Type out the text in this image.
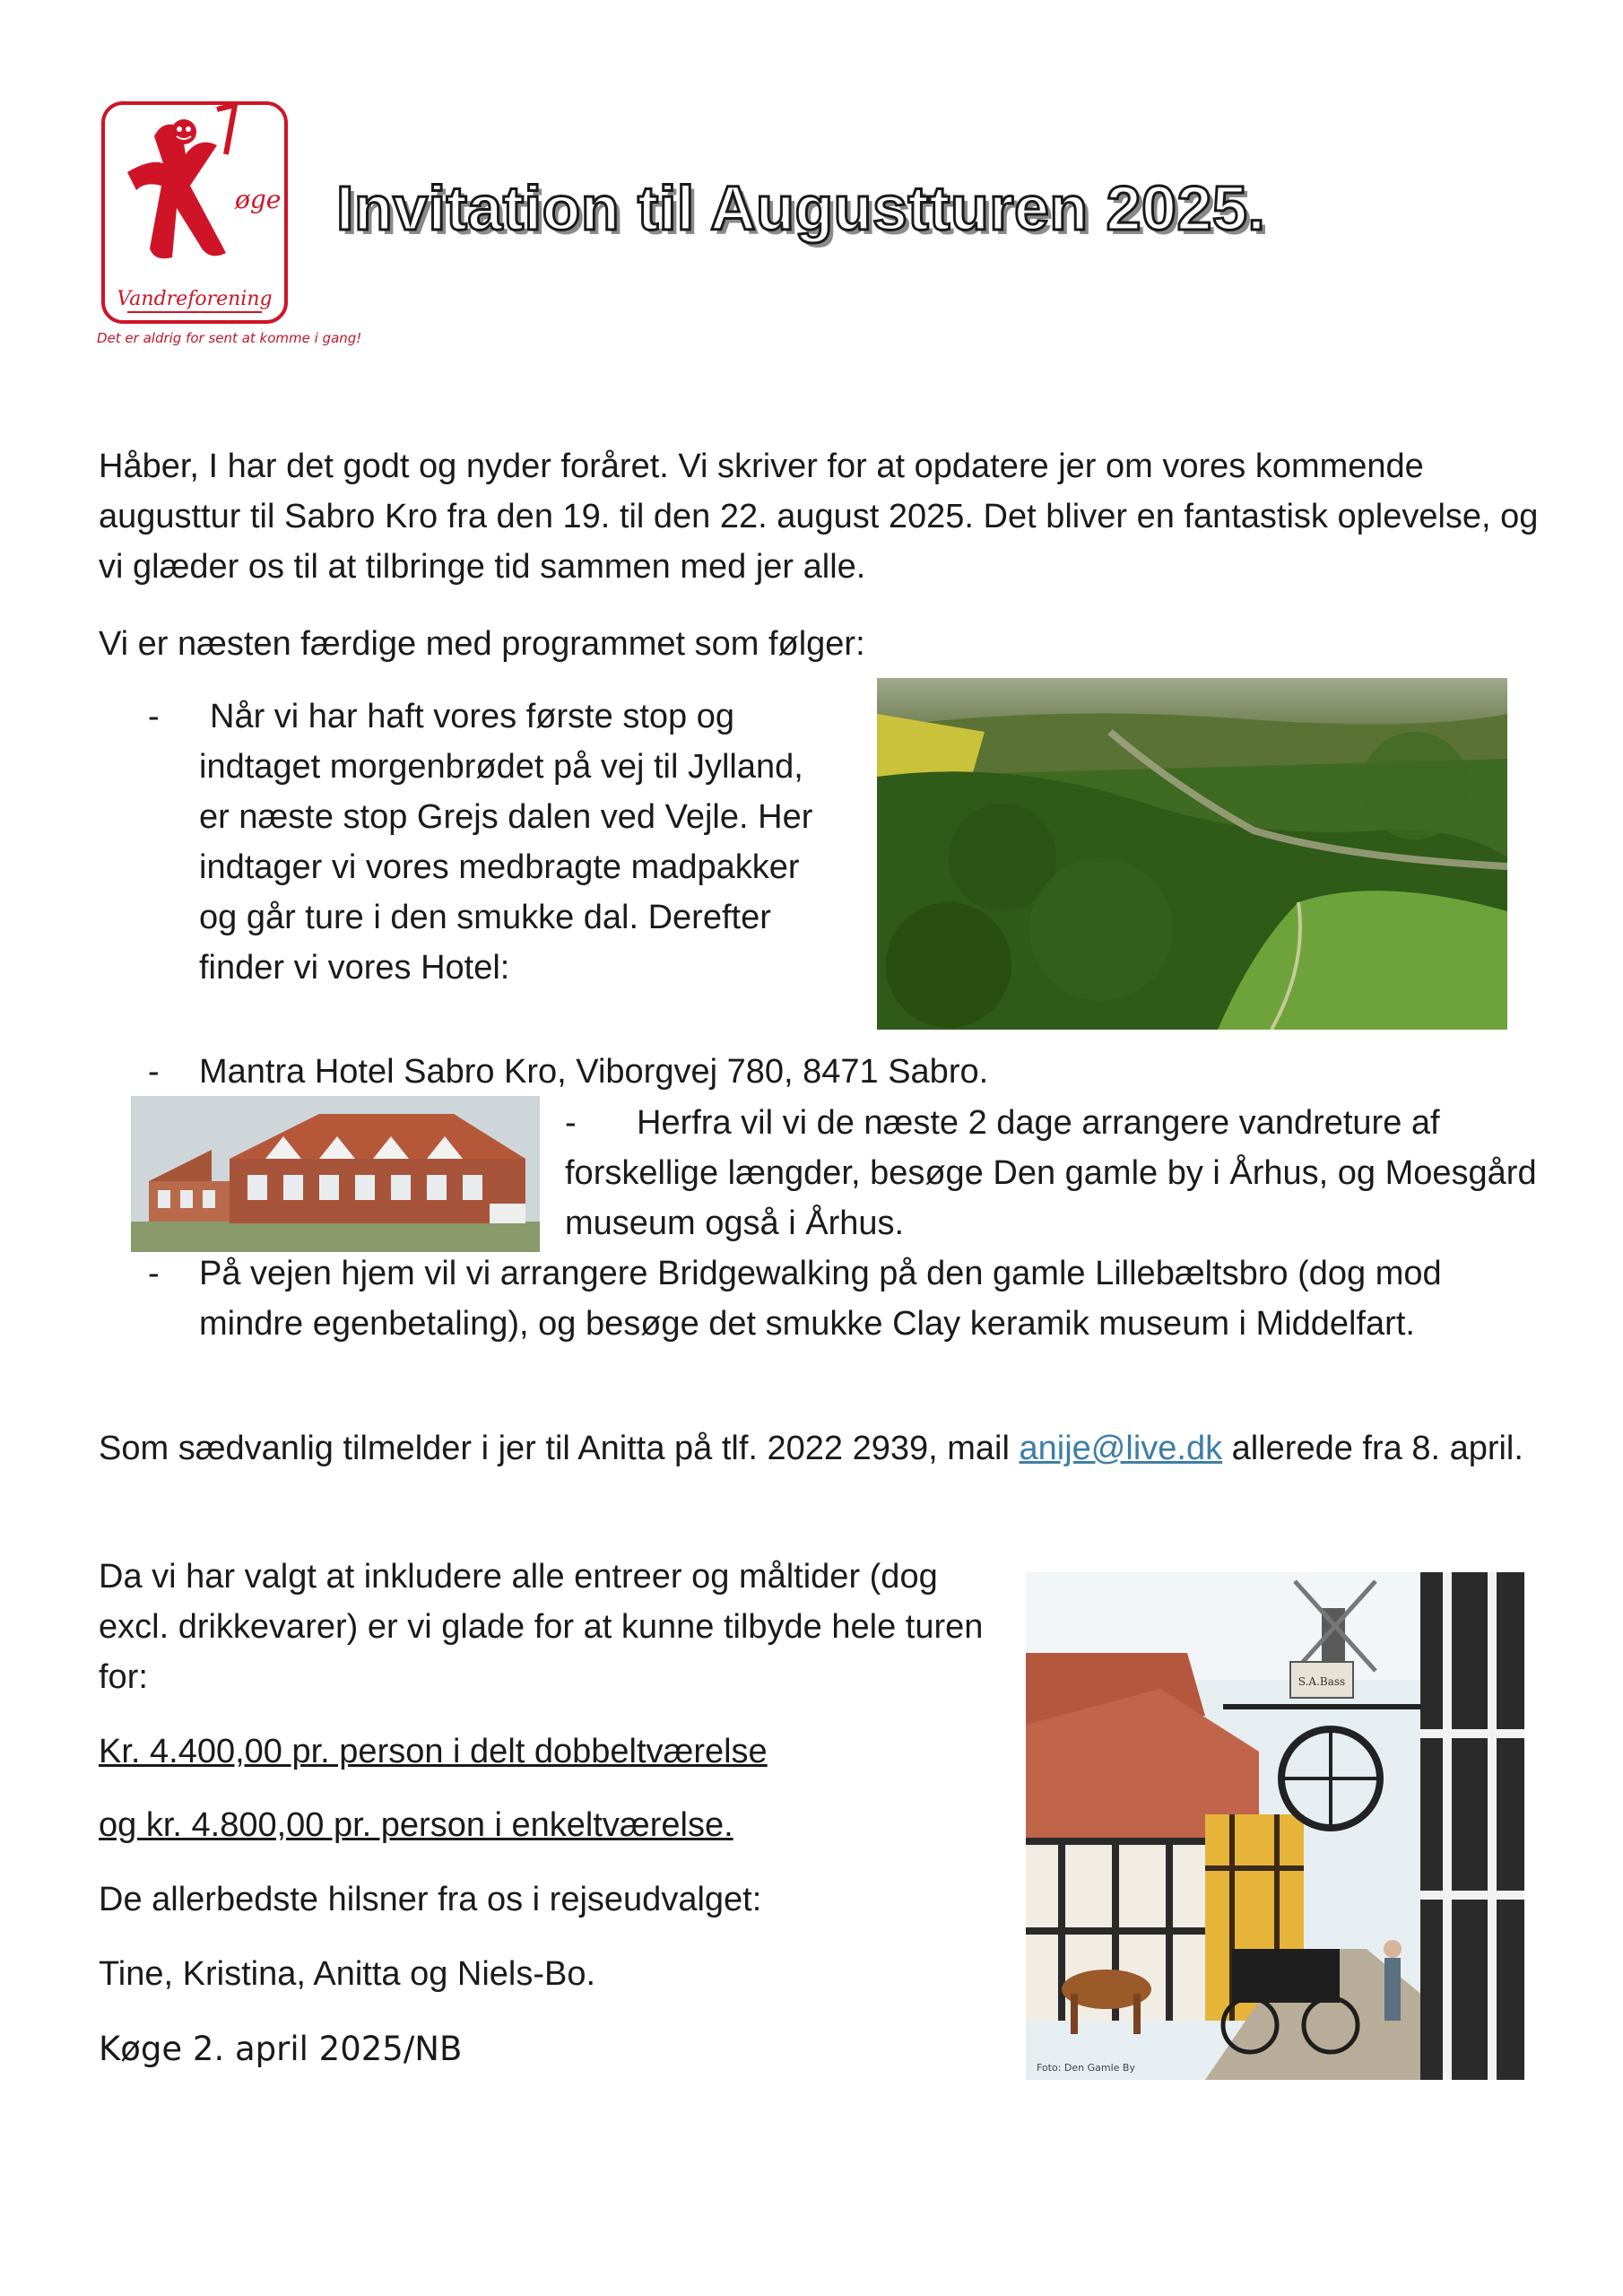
øge
Vandreforening
Det er aldrig for sent at komme i gang!
Invitation til Augustturen 2025.

Håber, I har det godt og nyder foråret. Vi skriver for at opdatere jer om vores kommende augusttur til Sabro Kro fra den 19. til den 22. august 2025. Det bliver en fantastisk oplevelse, og vi glæder os til at tilbringe tid sammen med jer alle.

Vi er næsten færdige med programmet som følger:

-	Når vi har haft vores første stop og indtaget morgenbrødet på vej til Jylland, er næste stop Grejs dalen ved Vejle. Her indtager vi vores medbragte madpakker og går ture i den smukke dal. Derefter finder vi vores Hotel:

- Mantra Hotel Sabro Kro, Viborgvej 780, 8471 Sabro.

-	Herfra vil vi de næste 2 dage arrangere vandreture af forskellige længder, besøge Den gamle by i Århus, og Moesgård museum også i Århus.

- På vejen hjem vil vi arrangere Bridgewalking på den gamle Lillebæltsbro (dog mod mindre egenbetaling), og besøge det smukke Clay keramik museum i Middelfart.

Som sædvanlig tilmelder i jer til Anitta på tlf. 2022 2939, mail anije@live.dk allerede fra 8. april.

Da vi har valgt at inkludere alle entreer og måltider (dog excl. drikkevarer) er vi glade for at kunne tilbyde hele turen for:

Kr. 4.400,00 pr. person i delt dobbeltværelse

og kr. 4.800,00 pr. person i enkeltværelse.

De allerbedste hilsner fra os i rejseudvalget:

Tine, Kristina, Anitta og Niels-Bo.

Køge 2. april 2025/NB

S.A.Bass
Foto: Den Gamle By
